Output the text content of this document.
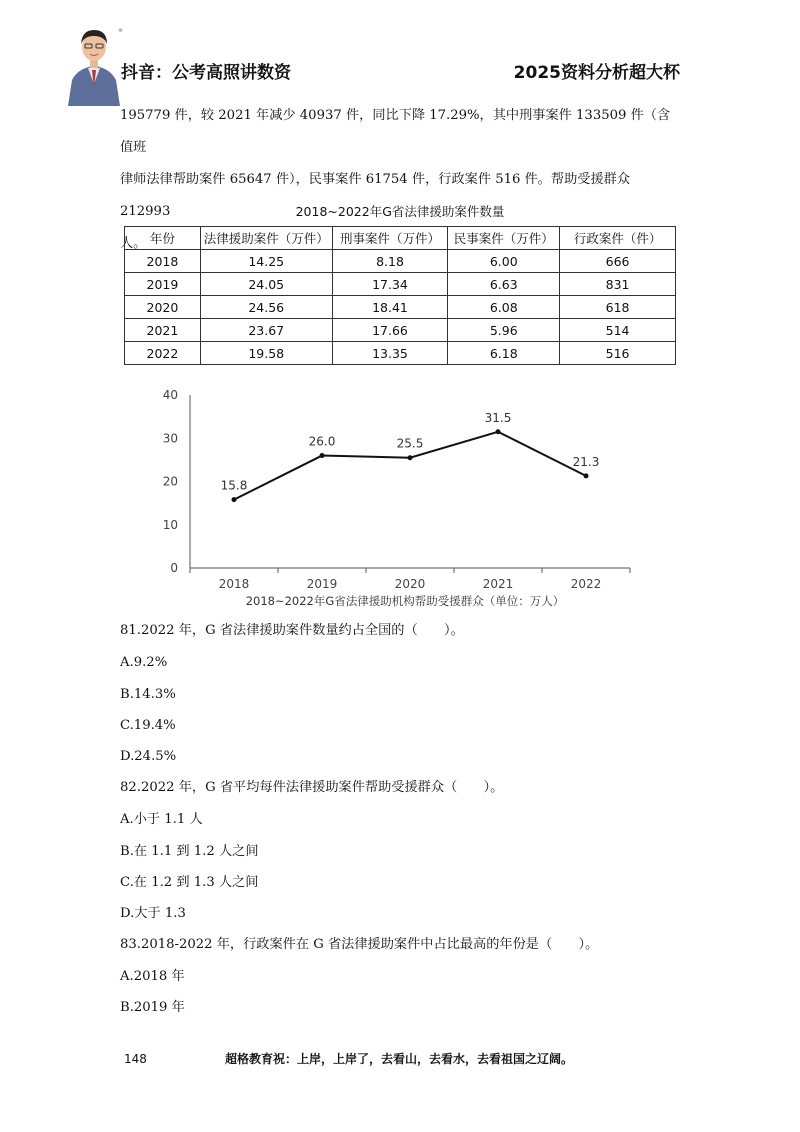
®
抖音：公考高照讲数资	2025资料分析超大杯
195779 件，较 2021 年减少 40937 件，同比下降 17.29%，其中刑事案件 133509 件（含值班
律师法律帮助案件 65647 件），民事案件 61754 件，行政案件 516 件。帮助受援群众 212993
人。
2018~2022年G省法律援助案件数量
年份	法律援助案件（万件）	刑事案件（万件）	民事案件（万件）	行政案件（件）
2018	14.25	8.18	6.00	666
2019	24.05	17.34	6.63	831
2020	24.56	18.41	6.08	618
2021	23.67	17.66	5.96	514
2022	19.58	13.35	6.18	516
0
10
20
30
40
2018	2019	2020	2021	2022
15.8
26.0	25.5
31.5
21.3
2018~2022年G省法律援助机构帮助受援群众（单位：万人）

81.2022 年，G 省法律援助案件数量约占全国的（　　）。

A.9.2%

B.14.3%

C.19.4%

D.24.5%

82.2022 年，G 省平均每件法律援助案件帮助受援群众（　　）。

A.小于 1.1 人

B.在 1.1 到 1.2 人之间

C.在 1.2 到 1.3 人之间

D.大于 1.3

83.2018-2022 年，行政案件在 G 省法律援助案件中占比最高的年份是（　　）。

A.2018 年

B.2019 年

148	超格教育祝：上岸，上岸了，去看山，去看水，去看祖国之辽阔。
